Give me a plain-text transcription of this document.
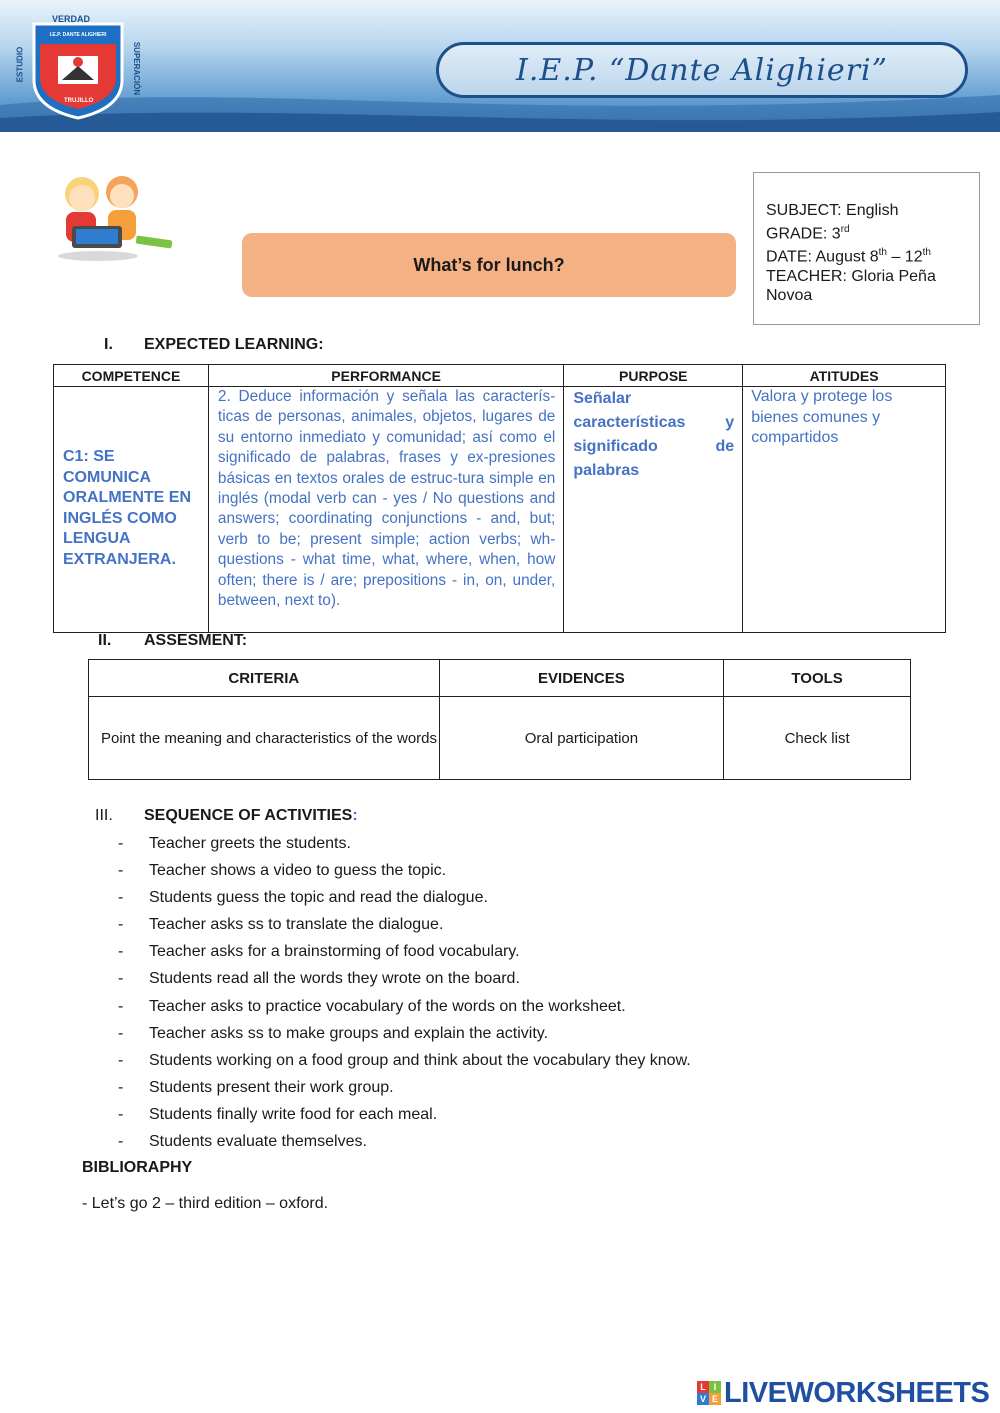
VERDAD
ESTUDIO	SUPERACIÓN
I.E.P. DANTE ALIGHIERI
TRUJILLO
I.E.P. “Dante Alighieri”
What’s for lunch?
SUBJECT: English
GRADE: 3rd
DATE: August 8th – 12th
TEACHER: Gloria Peña Novoa
I. EXPECTED LEARNING:
COMPETENCE	PERFORMANCE	PURPOSE	ATITUDES
C1: SE COMUNICA ORALMENTE EN INGLÉS COMO LENGUA EXTRANJERA.	2. Deduce información y señala las caracterís-ticas de personas, animales, objetos, lugares de su entorno inmediato y comunidad; así como el significado de palabras, frases y ex-presiones básicas en textos orales de estruc-tura simple en inglés (modal verb can - yes / No questions and answers; coordinating conjunctions - and, but; verb to be; present simple; action verbs; wh-questions - what time, what, where, when, how often; there is / are; prepositions - in, on, under, between, next to).	Señalar características y significado de palabras	Valora y protege los bienes comunes y compartidos
II. ASSESMENT:
CRITERIA	EVIDENCES	TOOLS
Point the meaning and characteristics of the words	Oral participation	Check list
III. SEQUENCE OF ACTIVITIES:
-	Teacher greets the students.
-	Teacher shows a video to guess the topic.
-	Students guess the topic and read the dialogue.
-	Teacher asks ss to translate the dialogue.
-	Teacher asks for a brainstorming of food vocabulary.
-	Students read all the words they wrote on the board.
-	Teacher asks to practice vocabulary of the words on the worksheet.
-	Teacher asks ss to make groups and explain the activity.
-	Students working on a food group and think about the vocabulary they know.
-	Students present their work group.
-	Students finally write food for each meal.
-	Students evaluate themselves.
BIBLIORAPHY
- Let’s go 2 – third edition – oxford.
L I
V E LIVEWORKSHEETS
